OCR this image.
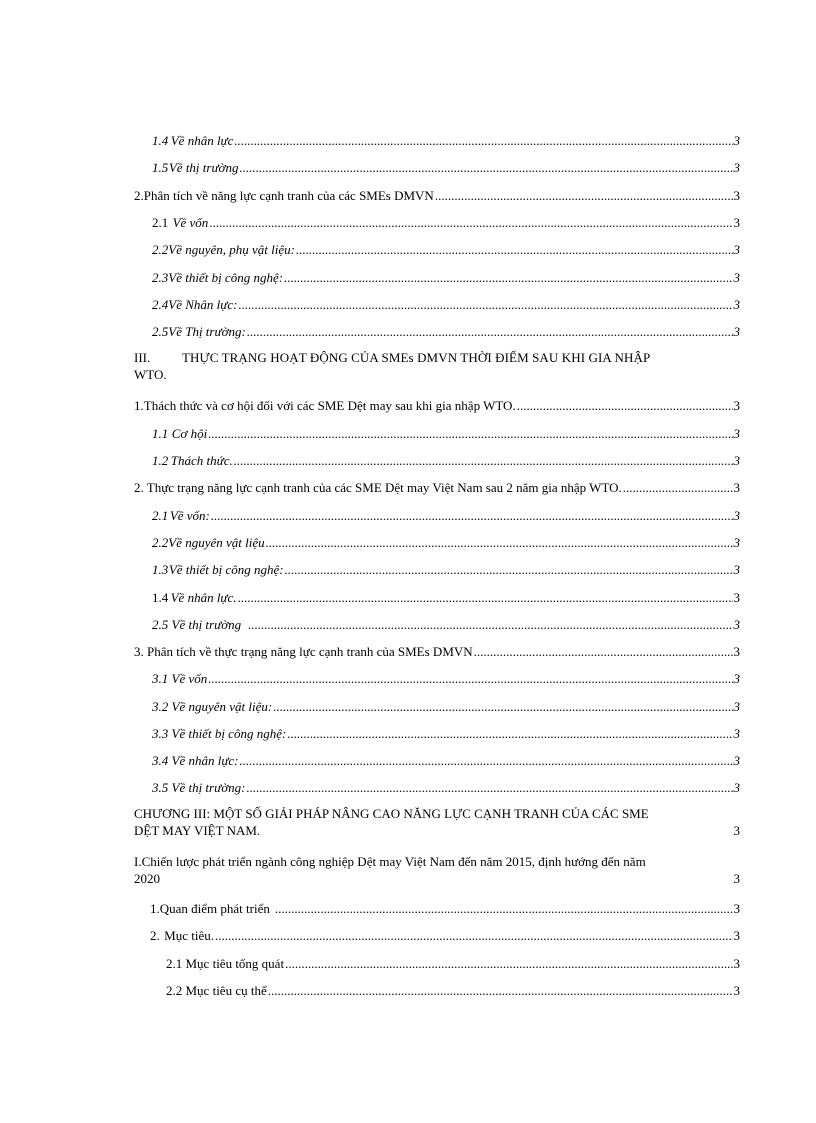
1.4 Về nhân lực .....	3
1.5 Về thị trường .....	3
2. Phân tích về năng lực cạnh tranh của các SMEs DMVN .....	3
2.1 Về vốn .....	3
2.2 Về nguyên, phụ vật liệu: .....	3
2.3 Về thiết bị công nghệ: .....	3
2.4 Về Nhân lực: .....	3
2.5 Về Thị trường: .....	3
III.	THỰC TRẠNG HOẠT ĐỘNG CỦA SMEs DMVN THỜI ĐIỂM SAU KHI GIA NHẬP
WTO.
1.Thách thức và cơ hội đối với các SME Dệt may sau khi gia nhập WTO. .....	3
1.1 Cơ hội .....	3
1.2 Thách thức. .....	3
2. Thực trạng năng lực cạnh tranh của các SME Dệt may Việt Nam sau 2 năm gia nhập WTO. .....	3
2.1 Về vốn: .....	3
2.2 Về nguyên vật liệu .....	3
1.3 Về thiết bị công nghệ: .....	3
1.4 Về nhân lực. .....	3
2.5 Về thị trường .....	3
3. Phân tích về thực trạng năng lực cạnh tranh của SMEs DMVN .....	3
3.1 Về vốn .....	3
3.2 Về nguyên vật liệu: .....	3
3.3 Về thiết bị công nghệ: .....	3
3.4 Về nhân lực: .....	3
3.5 Về thị trường: .....	3
CHƯƠNG III: MỘT SỐ GIẢI PHÁP NÂNG CAO NĂNG LỰC CẠNH TRANH CỦA CÁC SME
DỆT MAY VIỆT NAM.	3
I.Chiến lược phát triển ngành công nghiệp Dệt may Việt Nam đến năm 2015, định hướng đến năm
2020	3
1.Quan điểm phát triển .....	3
2. Mục tiêu. .....	3
2.1 Mục tiêu tổng quát .....	3
2.2 Mục tiêu cụ thể .....	3
